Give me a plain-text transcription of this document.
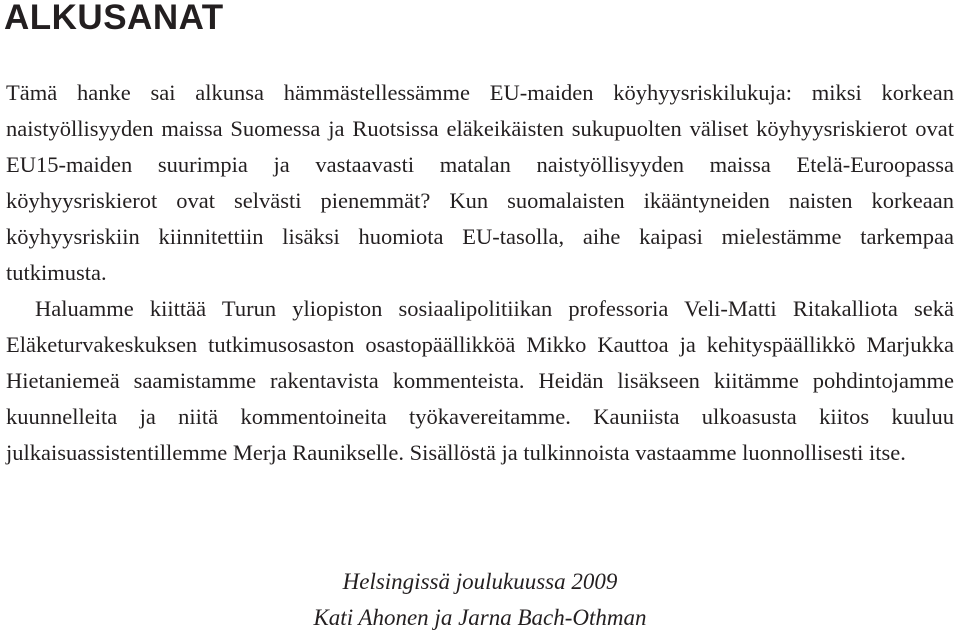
ALKUSANAT

Tämä hanke sai alkunsa hämmästellessämme EU-maiden köyhyysriskilukuja: miksi korkean naistyöllisyyden maissa Suomessa ja Ruotsissa eläkeikäisten sukupuolten väliset köyhyysriskierot ovat EU15-maiden suurimpia ja vastaavasti matalan naistyöllisyyden maissa Etelä-Euroopassa köyhyysriskierot ovat selvästi pienemmät? Kun suomalaisten ikääntyneiden naisten korkeaan köyhyysriskiin kiinnitettiin lisäksi huomiota EU-tasolla, aihe kaipasi mielestämme tarkempaa tutkimusta.

Haluamme kiittää Turun yliopiston sosiaalipolitiikan professoria Veli-Matti Ritakalliota sekä Eläketurvakeskuksen tutkimusosaston osastopäällikköä Mikko Kauttoa ja kehityspäällikkö Marjukka Hietaniemeä saamistamme rakentavista kommenteista. Heidän lisäkseen kiitämme pohdintojamme kuunnelleita ja niitä kommentoineita työkavereitamme. Kauniista ulkoasusta kiitos kuuluu julkaisuassistentillemme Merja Raunikselle. Sisällöstä ja tulkinnoista vastaamme luonnollisesti itse.

Helsingissä joulukuussa 2009
Kati Ahonen ja Jarna Bach-Othman
